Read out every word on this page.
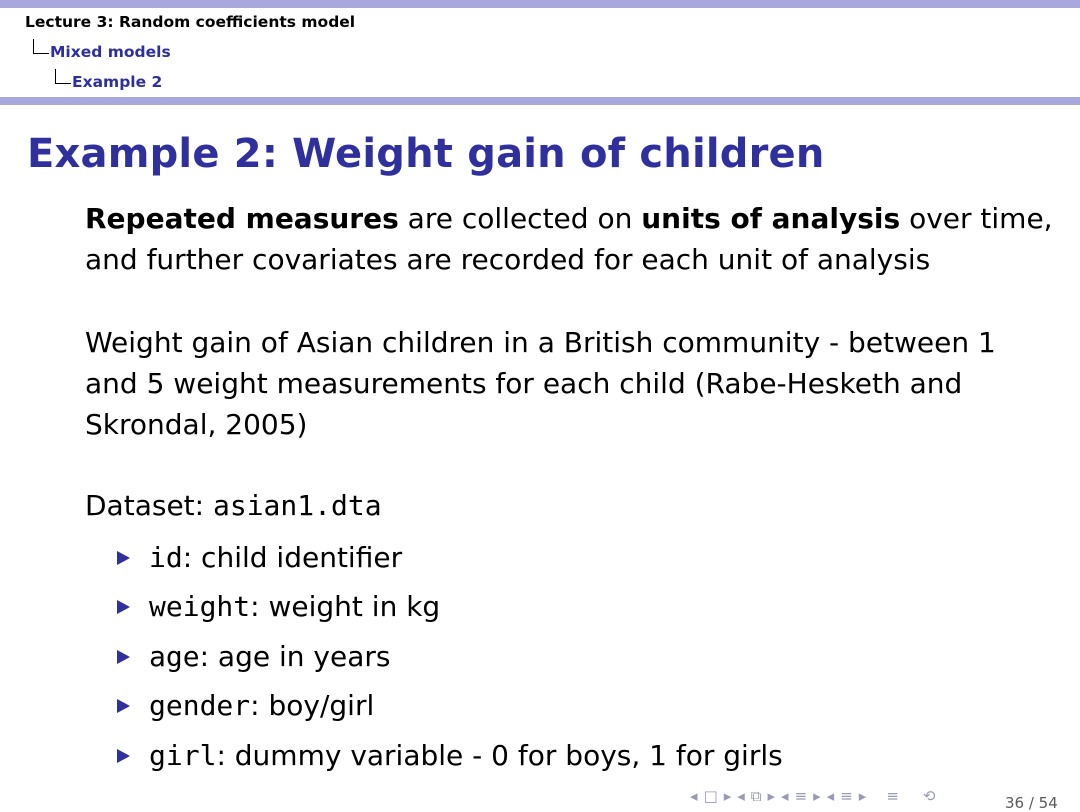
Lecture 3: Random coefficients model
Mixed models
Example 2
Example 2: Weight gain of children
Repeated measures are collected on units of analysis over time,
and further covariates are recorded for each unit of analysis
Weight gain of Asian children in a British community - between 1
and 5 weight measurements for each child (Rabe-Hesketh and
Skrondal, 2005)
Dataset: asian1.dta
id : child identifier
weight : weight in kg
age : age in years
gender : boy/girl
girl : dummy variable - 0 for boys, 1 for girls
◂ □ ▸ ◂ ⧉ ▸ ◂ ≡ ▸ ◂ ≡ ▸ ≡ ⟲	36 / 54
